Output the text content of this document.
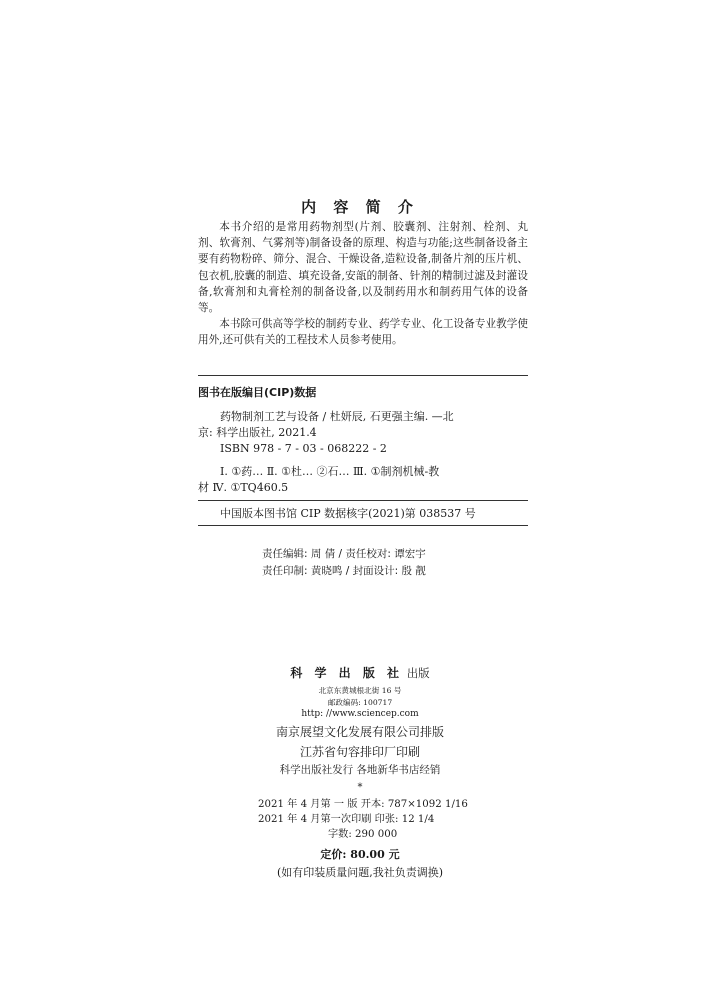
内 容 简 介

本书介绍的是常用药物剂型(片剂、胶囊剂、注射剂、栓剂、丸剂、软膏剂、气雾剂等)制备设备的原理、构造与功能;这些制备设备主要有药物粉碎、筛分、混合、干燥设备,造粒设备,制备片剂的压片机、包衣机,胶囊的制造、填充设备,安瓿的制备、针剂的精制过滤及封灌设备,软膏剂和丸膏栓剂的制备设备,以及制药用水和制药用气体的设备等。

本书除可供高等学校的制药专业、药学专业、化工设备专业教学使用外,还可供有关的工程技术人员参考使用。

图书在版编目(CIP)数据

药物制剂工艺与设备 / 杜妍辰, 石更强主编. —北

京: 科学出版社, 2021.4

ISBN 978 - 7 - 03 - 068222 - 2

Ⅰ. ①药… Ⅱ. ①杜… ②石… Ⅲ. ①制剂机械-教

材 Ⅳ. ①TQ460.5

中国版本图书馆 CIP 数据核字(2021)第 038537 号
责任编辑: 周 倩 / 责任校对: 谭宏宇
责任印制: 黄晓鸣 / 封面设计: 殷 靓
科 学 出 版 社 出版
北京东黄城根北街 16 号
邮政编码: 100717
http: //www.sciencep.com
南京展望文化发展有限公司排版
江苏省句容排印厂印刷
科学出版社发行 各地新华书店经销
*
2021 年 4 月第 一 版 开本: 787×1092 1/16
2021 年 4 月第一次印刷 印张: 12 1/4
字数: 290 000
定价: 80.00 元
(如有印装质量问题,我社负责调换)
